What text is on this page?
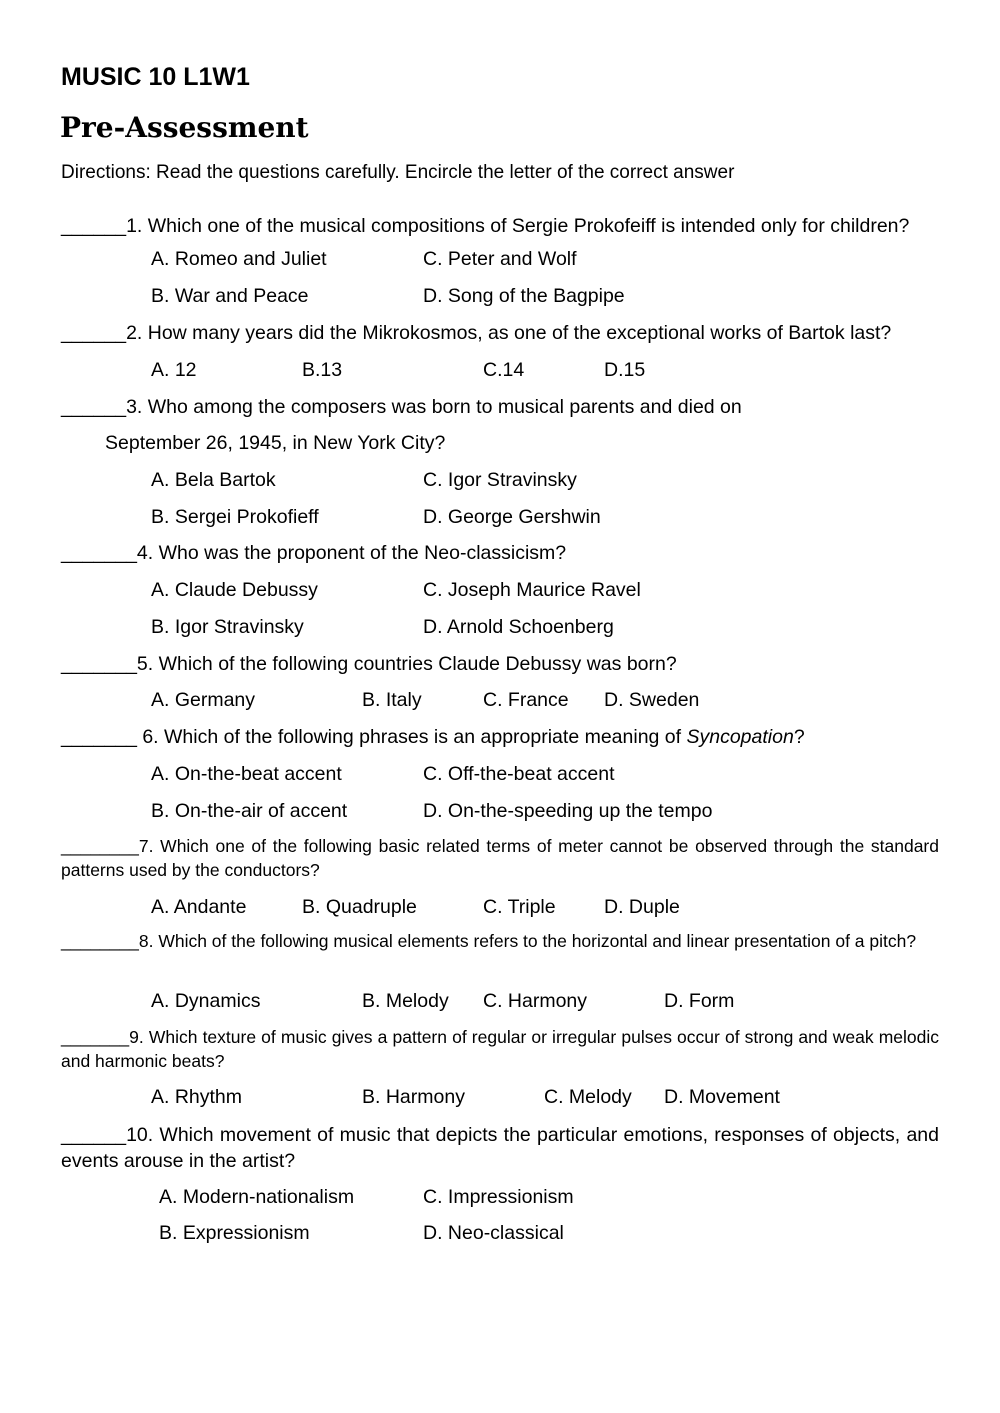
MUSIC 10 L1W1
Pre-Assessment
Directions: Read the questions carefully. Encircle the letter of the correct answer
______1. Which one of the musical compositions of Sergie Prokofeiff is intended only for children?
A. Romeo and Juliet	C. Peter and Wolf
B. War and Peace	D. Song of the Bagpipe
______2. How many years did the Mikrokosmos, as one of the exceptional works of Bartok last?
A. 12	B.13	C.14	D.15
______3. Who among the composers was born to musical parents and died on
September 26, 1945, in New York City?
A. Bela Bartok	C. Igor Stravinsky
B. Sergei Prokofieff	D. George Gershwin
_______4. Who was the proponent of the Neo-classicism?
A. Claude Debussy	C. Joseph Maurice Ravel
B. Igor Stravinsky	D. Arnold Schoenberg
_______5. Which of the following countries Claude Debussy was born?
A. Germany	B. Italy	C. France D. Sweden
_______ 6. Which of the following phrases is an appropriate meaning of Syncopation?
A. On-the-beat accent	C. Off-the-beat accent
B. On-the-air of accent	D. On-the-speeding up the tempo
________7. Which one of the following basic related terms of meter cannot be observed through the standard patterns used by the conductors?
A. Andante	B. Quadruple	C. Triple D. Duple
________8. Which of the following musical elements refers to the horizontal and linear presentation of a pitch?
A. Dynamics	B. Melody C. Harmony	D. Form
_______9. Which texture of music gives a pattern of regular or irregular pulses occur of strong and weak melodic and harmonic beats?
A. Rhythm	B. Harmony	C. Melody D. Movement
______10. Which movement of music that depicts the particular emotions, responses of objects, and events arouse in the artist?
A. Modern-nationalism	C. Impressionism
B. Expressionism	D. Neo-classical
